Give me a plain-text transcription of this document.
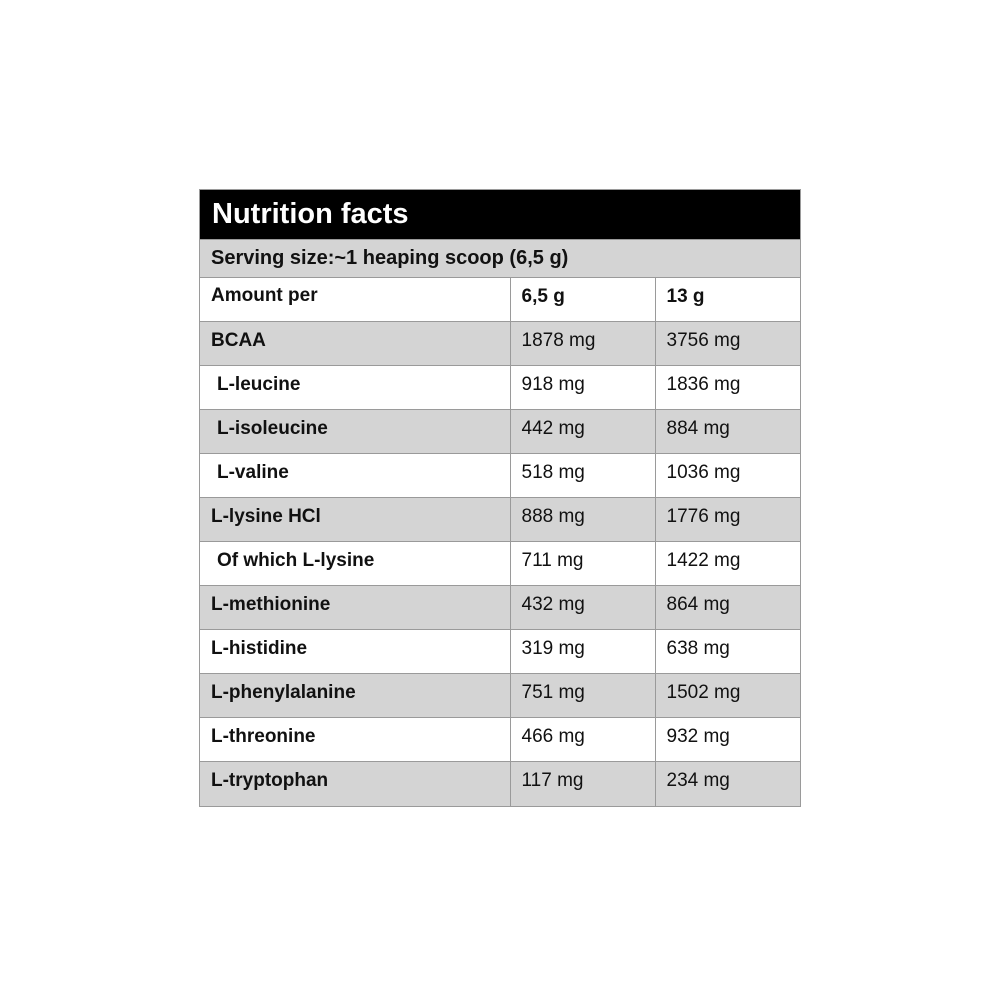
Nutrition facts
Serving size:~1 heaping scoop (6,5 g)
Amount per	6,5 g	13 g
BCAA	1878 mg	3756 mg
L-leucine	918 mg	1836 mg
L-isoleucine	442 mg	884 mg
L-valine	518 mg	1036 mg
L-lysine HCl	888 mg	1776 mg
Of which L-lysine	711 mg	1422 mg
L-methionine	432 mg	864 mg
L-histidine	319 mg	638 mg
L-phenylalanine	751 mg	1502 mg
L-threonine	466 mg	932 mg
L-tryptophan	117 mg	234 mg
